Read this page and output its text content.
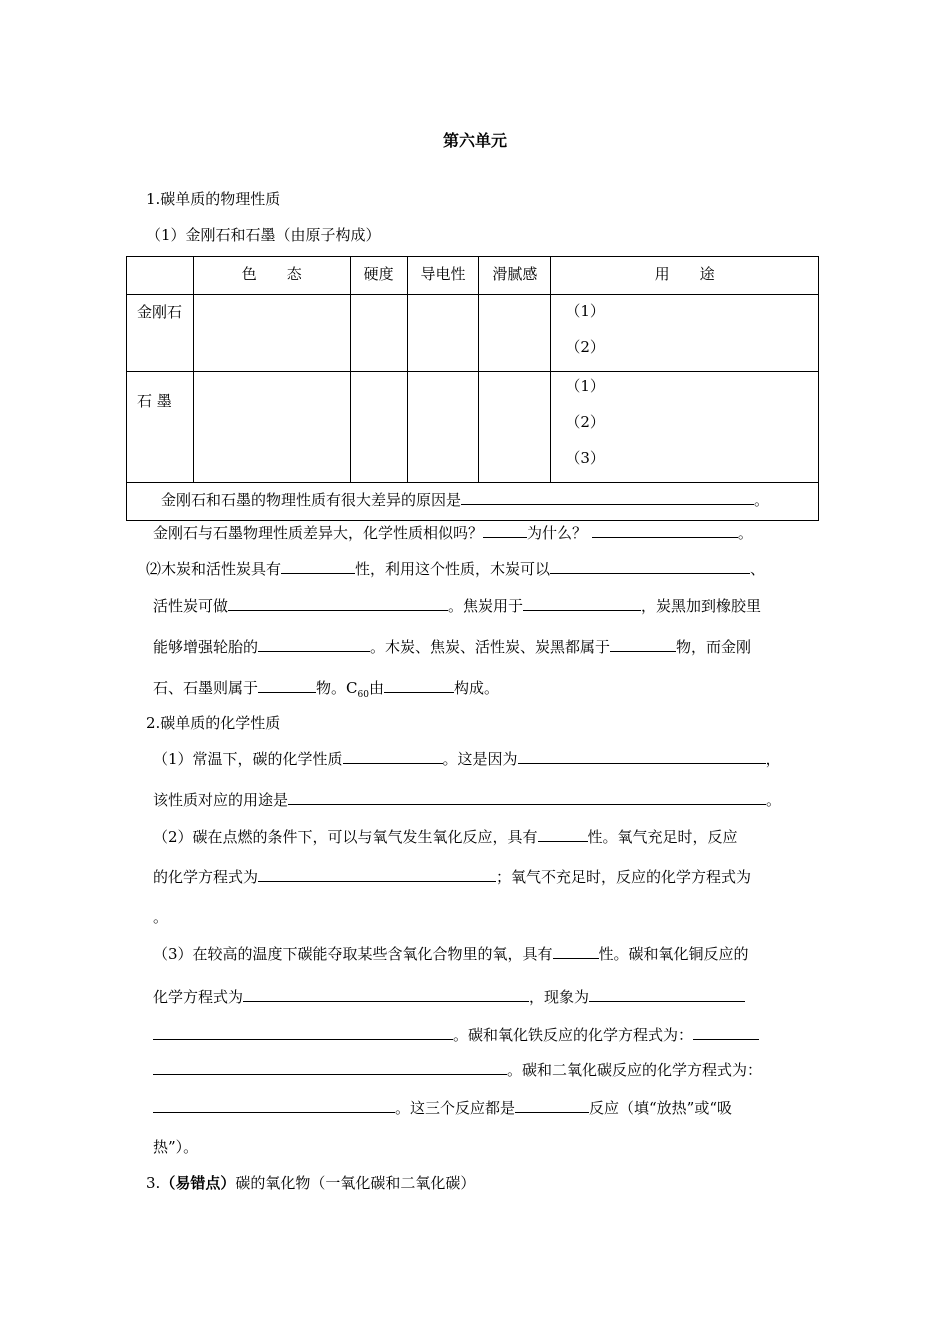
第六单元
1.碳单质的物理性质
（1）金刚石和石墨（由原子构成）
	色　　态	硬度	导电性	滑腻感	用　　途
金刚石					（1）
（2）

石 墨					（1）
（2）
（3）

金刚石和石墨的物理性质有很大差异的原因是 。					
金刚石与石墨物理性质差异大，化学性质相似吗？	为什么？	。
⑵木炭和活性炭具有	性，利用这个性质，木炭可以	、
活性炭可做	。焦炭用于	，炭黑加到橡胶里
能够增强轮胎的	。木炭、焦炭、活性炭、炭黑都属于	物，而金刚
石、石墨则属于	物。$C_{60}$由	构成。
2.碳单质的化学性质
（1）常温下，碳的化学性质	。这是因为	，
该性质对应的用途是	。
（2）碳在点燃的条件下，可以与氧气发生氧化反应，具有	性。氧气充足时，反应
的化学方程式为	；氧气不充足时，反应的化学方程式为
。
（3）在较高的温度下碳能夺取某些含氧化合物里的氧，具有	性。碳和氧化铜反应的
化学方程式为	，现象为
。碳和氧化铁反应的化学方程式为：
。碳和二氧化碳反应的化学方程式为：
。这三个反应都是	反应（填“放热”或“吸
热”）。
3.（易错点）碳的氧化物（一氧化碳和二氧化碳）
